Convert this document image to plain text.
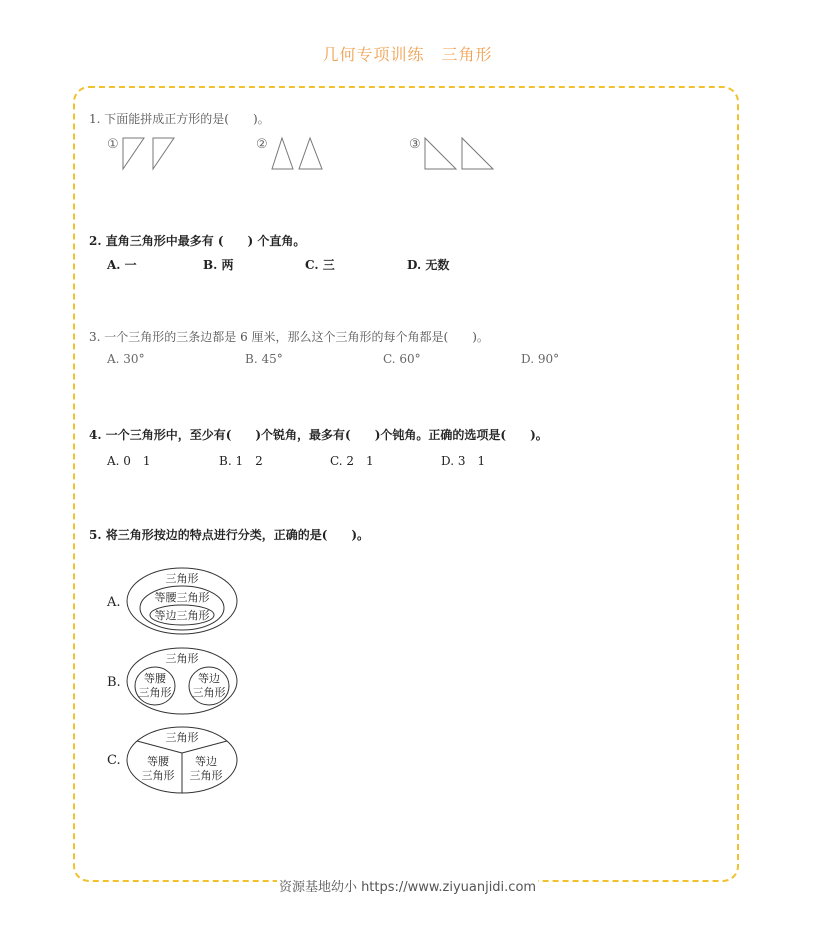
几何专项训练　三角形
1. 下面能拼成正方形的是(　　)。
①	②	③
2. 直角三角形中最多有 (　　) 个直角。
A. 一	B. 两	C. 三	D. 无数
3. 一个三角形的三条边都是 6 厘米，那么这个三角形的每个角都是(　　)。
A. 30°	B. 45°	C. 60°	D. 90°
4. 一个三角形中，至少有(　　)个锐角，最多有(　　)个钝角。正确的选项是(　　)。
A. 0　1	B. 1　2	C. 2　1	D. 3　1
5. 将三角形按边的特点进行分类，正确的是(　　)。
A.
三角形
等腰三角形
等边三角形
B.
三角形
等腰
三角形
等边
三角形
C.
三角形
等腰
三角形
等边
三角形
资源基地幼小 https://www.ziyuanjidi.com
